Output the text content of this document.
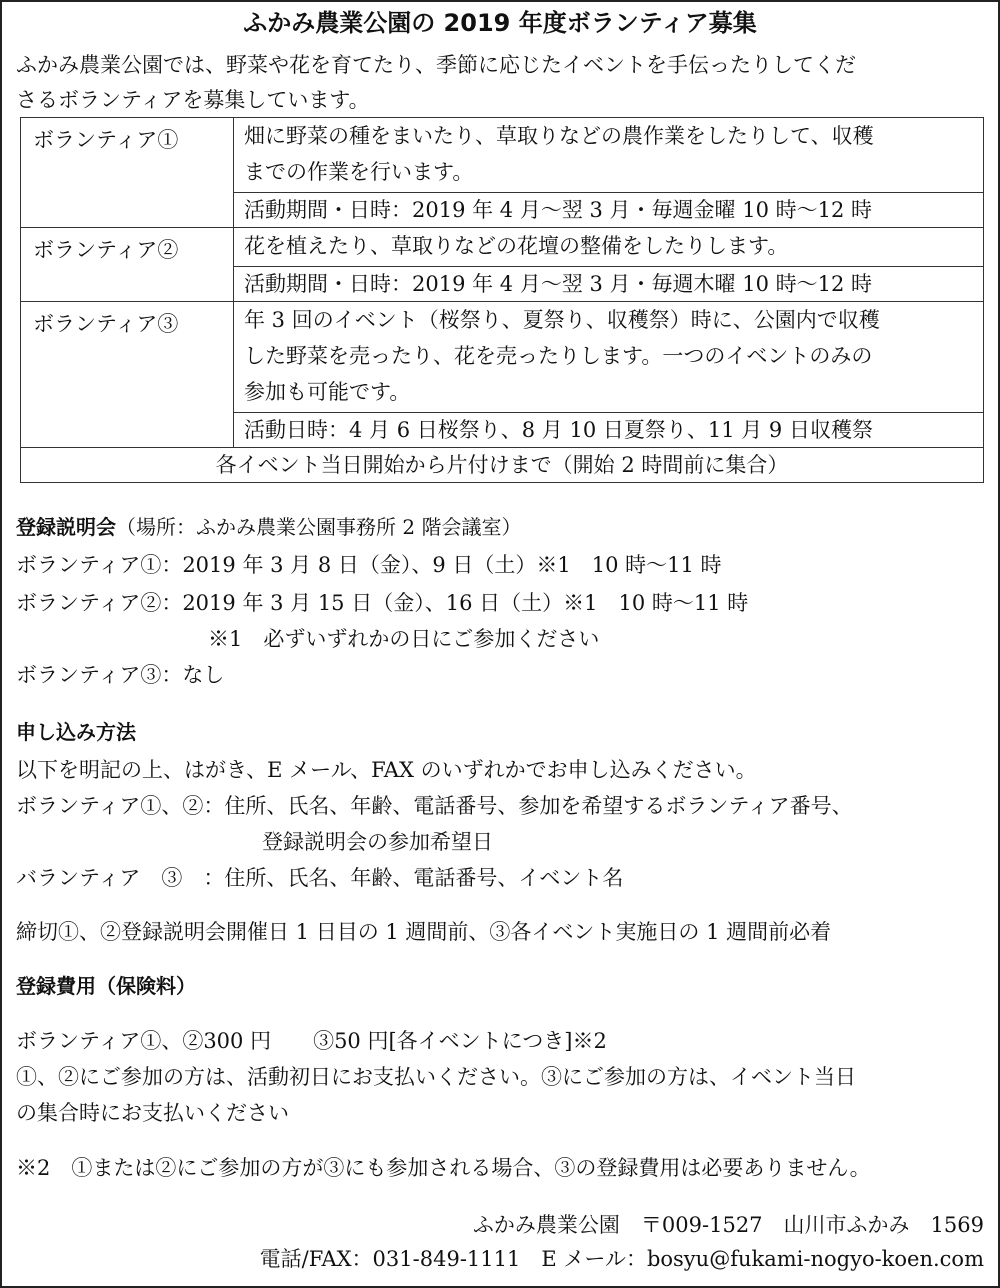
ふかみ農業公園の 2019 年度ボランティア募集
ふかみ農業公園では、野菜や花を育てたり、季節に応じたイベントを手伝ったりしてくだ
さるボランティアを募集しています。
ボランティア①	畑に野菜の種をまいたり、草取りなどの農作業をしたりして、収穫
までの作業を行います。

	活動期間・日時：2019 年 4 月～翌 3 月・毎週金曜 10 時～12 時
ボランティア②	花を植えたり、草取りなどの花壇の整備をしたりします。

	活動期間・日時：2019 年 4 月～翌 3 月・毎週木曜 10 時～12 時
ボランティア③	年 3 回のイベント（桜祭り、夏祭り、収穫祭）時に、公園内で収穫
した野菜を売ったり、花を売ったりします。一つのイベントのみの
参加も可能です。

	活動日時：4 月 6 日桜祭り、8 月 10 日夏祭り、11 月 9 日収穫祭
各イベント当日開始から片付けまで（開始 2 時間前に集合）	
登録説明会（場所：ふかみ農業公園事務所 2 階会議室）
ボランティア①：2019 年 3 月 8 日（金）、9 日（土）※1　10 時～11 時
ボランティア②：2019 年 3 月 15 日（金）、16 日（土）※1　10 時～11 時
※1　必ずいずれかの日にご参加ください
ボランティア③：なし
申し込み方法
以下を明記の上、はがき、E メール、FAX のいずれかでお申し込みください。
ボランティア①、②：住所、氏名、年齢、電話番号、参加を希望するボランティア番号、
登録説明会の参加希望日
バランティア　③　：住所、氏名、年齢、電話番号、イベント名
締切①、②登録説明会開催日 1 日目の 1 週間前、③各イベント実施日の 1 週間前必着
登録費用（保険料）
ボランティア①、②300 円　　③50 円[各イベントにつき]※2
①、②にご参加の方は、活動初日にお支払いください。③にご参加の方は、イベント当日
の集合時にお支払いください
※2　①または②にご参加の方が③にも参加される場合、③の登録費用は必要ありません。
ふかみ農業公園　〒009-1527　山川市ふかみ　1569
電話/FAX：031-849-1111　E メール：bosyu@fukami-nogyo-koen.com
